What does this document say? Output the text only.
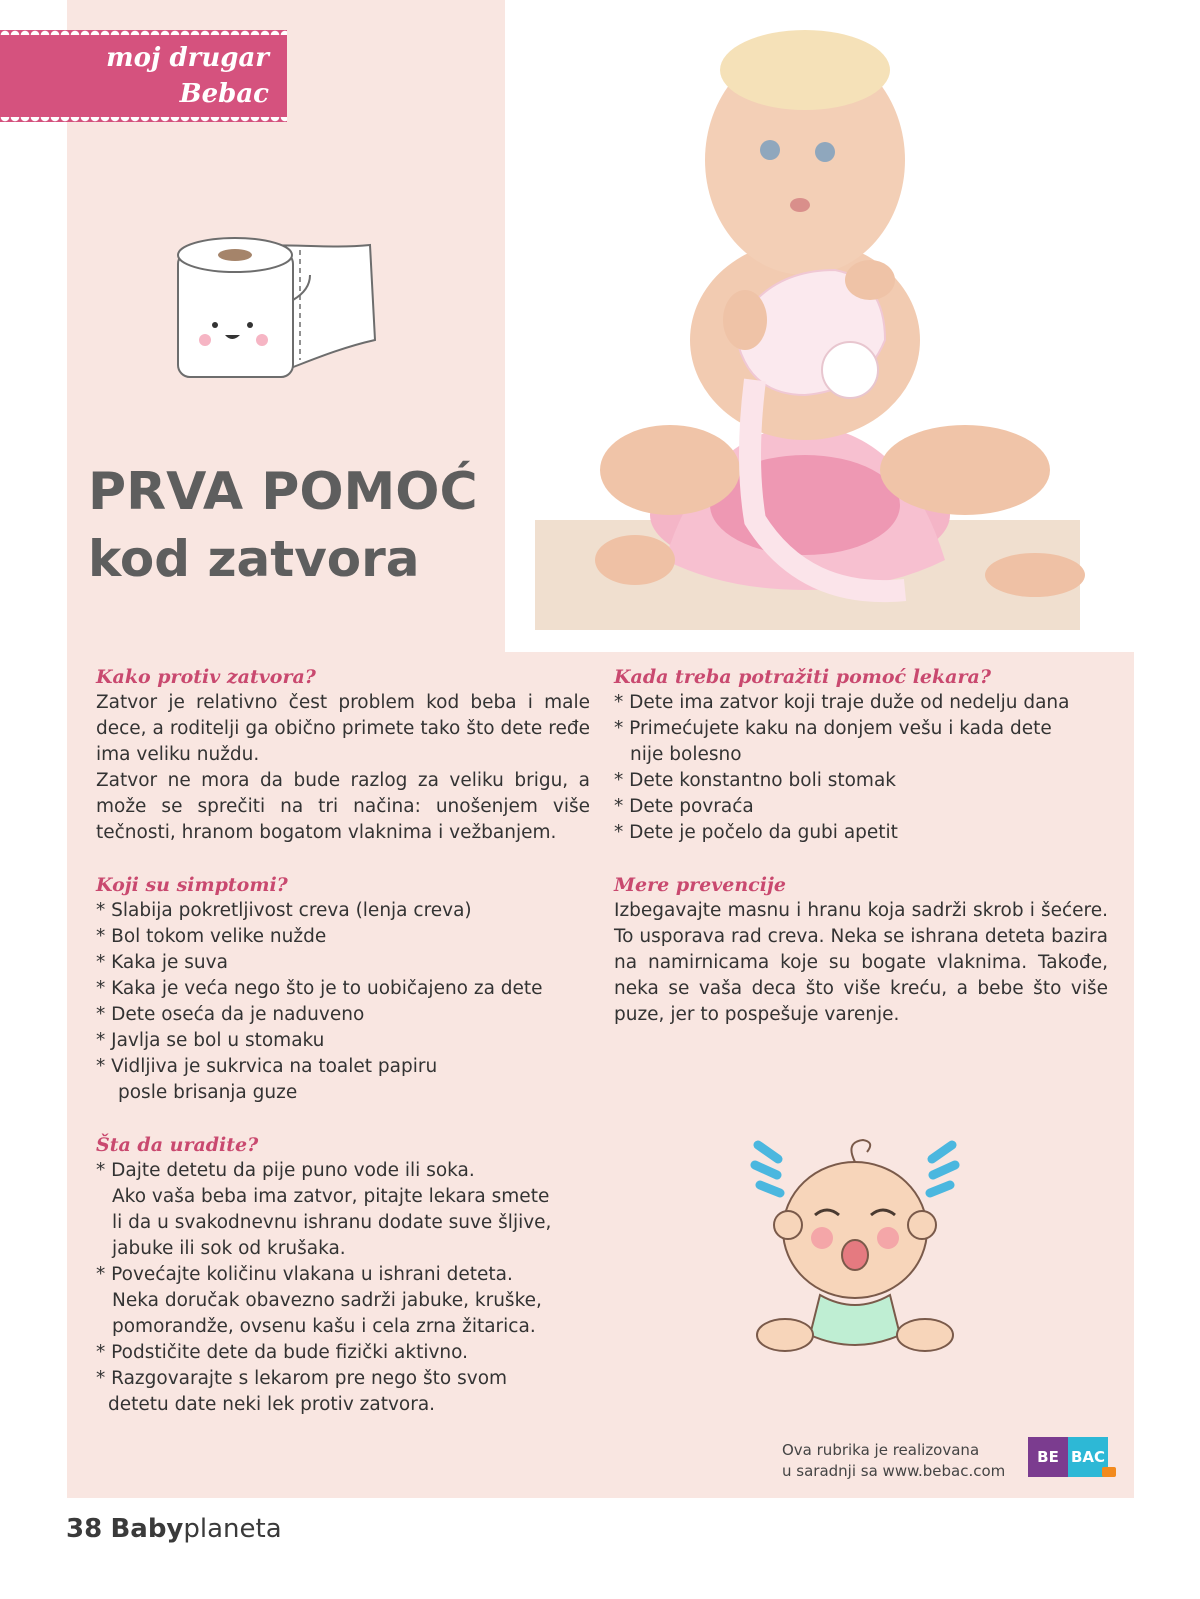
moj drugar
Bebac
PRVA POMOĆ
kod zatvora
Kako protiv zatvora?
Zatvor je relativno čest problem kod beba i male dece, a roditelji ga obično primete tako što dete ređe ima veliku nuždu.
Zatvor ne mora da bude razlog za veliku brigu, a može se sprečiti na tri načina: unošenjem više tečnosti, hranom bogatom vlaknima i vežbanjem.
Koji su simptomi?
* Slabija pokretljivost creva (lenja creva)
* Bol tokom velike nužde
* Kaka je suva
* Kaka je veća nego što je to uobičajeno za dete
* Dete oseća da je naduveno
* Javlja se bol u stomaku
* Vidljiva je sukrvica na toalet papiru
posle brisanja guze
Šta da uradite?
* Dajte detetu da pije puno vode ili soka.
Ako vaša beba ima zatvor, pitajte lekara smete
li da u svakodnevnu ishranu dodate suve šljive,
jabuke ili sok od krušaka.
* Povećajte količinu vlakana u ishrani deteta.
Neka doručak obavezno sadrži jabuke, kruške,
pomorandže, ovsenu kašu i cela zrna žitarica.
* Podstičite dete da bude fizički aktivno.
* Razgovarajte s lekarom pre nego što svom
detetu date neki lek protiv zatvora.
Kada treba potražiti pomoć lekara?
* Dete ima zatvor koji traje duže od nedelju dana
* Primećujete kaku na donjem vešu i kada dete
nije bolesno
* Dete konstantno boli stomak
* Dete povraća
* Dete je počelo da gubi apetit
Mere prevencije
Izbegavajte masnu i hranu koja sadrži skrob i šećere. To usporava rad creva. Neka se ishrana deteta bazira na namirnicama koje su bogate vlaknima. Takođe, neka se vaša deca što više kreću, a bebe što više puze, jer to pospešuje varenje.
Ova rubrika je realizovana
u saradnji sa www.bebac.com
BE BAC
38 Babyplaneta
